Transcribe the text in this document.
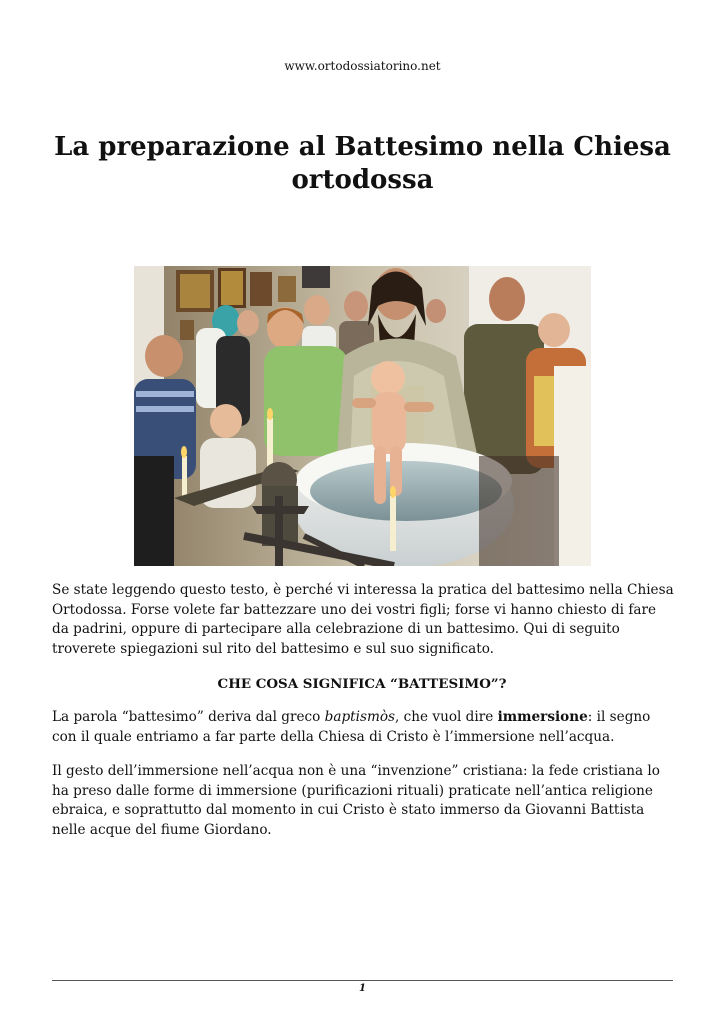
www.ortodossiatorino.net
La preparazione al Battesimo nella Chiesa ortodossa

Se state leggendo questo testo, è perché vi interessa la pratica del battesimo nella Chiesa Ortodossa. Forse volete far battezzare uno dei vostri figli; forse vi hanno chiesto di fare da padrini, oppure di partecipare alla celebrazione di un battesimo. Qui di seguito troverete spiegazioni sul rito del battesimo e sul suo significato.

CHE COSA SIGNIFICA “BATTESIMO”?

La parola “battesimo” deriva dal greco baptismòs, che vuol dire immersione: il segno con il quale entriamo a far parte della Chiesa di Cristo è l’immersione nell’acqua.

Il gesto dell’immersione nell’acqua non è una “invenzione” cristiana: la fede cristiana lo ha preso dalle forme di immersione (purificazioni rituali) praticate nell’antica religione ebraica, e soprattutto dal momento in cui Cristo è stato immerso da Giovanni Battista nelle acque del fiume Giordano.

1
